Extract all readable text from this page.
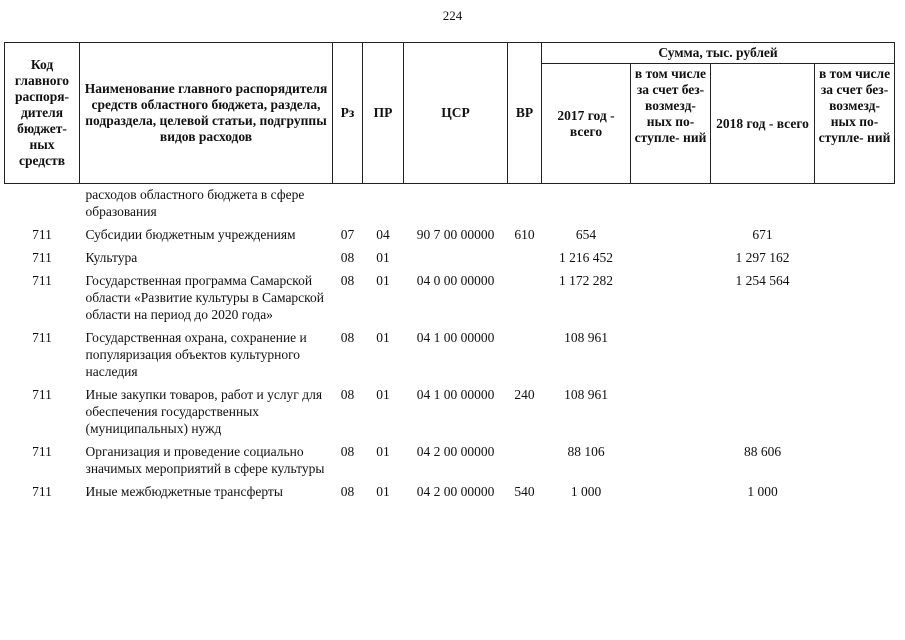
224
Код главного распоря- дителя бюджет- ных средств	Наименование главного распорядителя средств областного бюджета, раздела, подраздела, целевой статьи, подгруппы видов расходов	Рз	ПР	ЦСР	ВР	Сумма, тыс. рублей			
						2017 год - всего	в том числе за счет без- возмезд- ных по- ступле- ний	2018 год - всего	в том числе за счет без- возмезд- ных по- ступле- ний
	расходов областного бюджета в сфере образования								
711	Субсидии бюджетным учреждениям	07	04	90 7 00 00000	610	654		671	
711	Культура	08	01			1 216 452		1 297 162	
711	Государственная программа Самарской области «Развитие культуры в Самарской области на период до 2020 года»	08	01	04 0 00 00000		1 172 282		1 254 564	
711	Государственная охрана, сохранение и популяризация объектов культурного наследия	08	01	04 1 00 00000		108 961			
711	Иные закупки товаров, работ и услуг для обеспечения государственных (муниципальных) нужд	08	01	04 1 00 00000	240	108 961			
711	Организация и проведение социально значимых мероприятий в сфере культуры	08	01	04 2 00 00000		88 106		88 606	
711	Иные межбюджетные трансферты	08	01	04 2 00 00000	540	1 000		1 000	
